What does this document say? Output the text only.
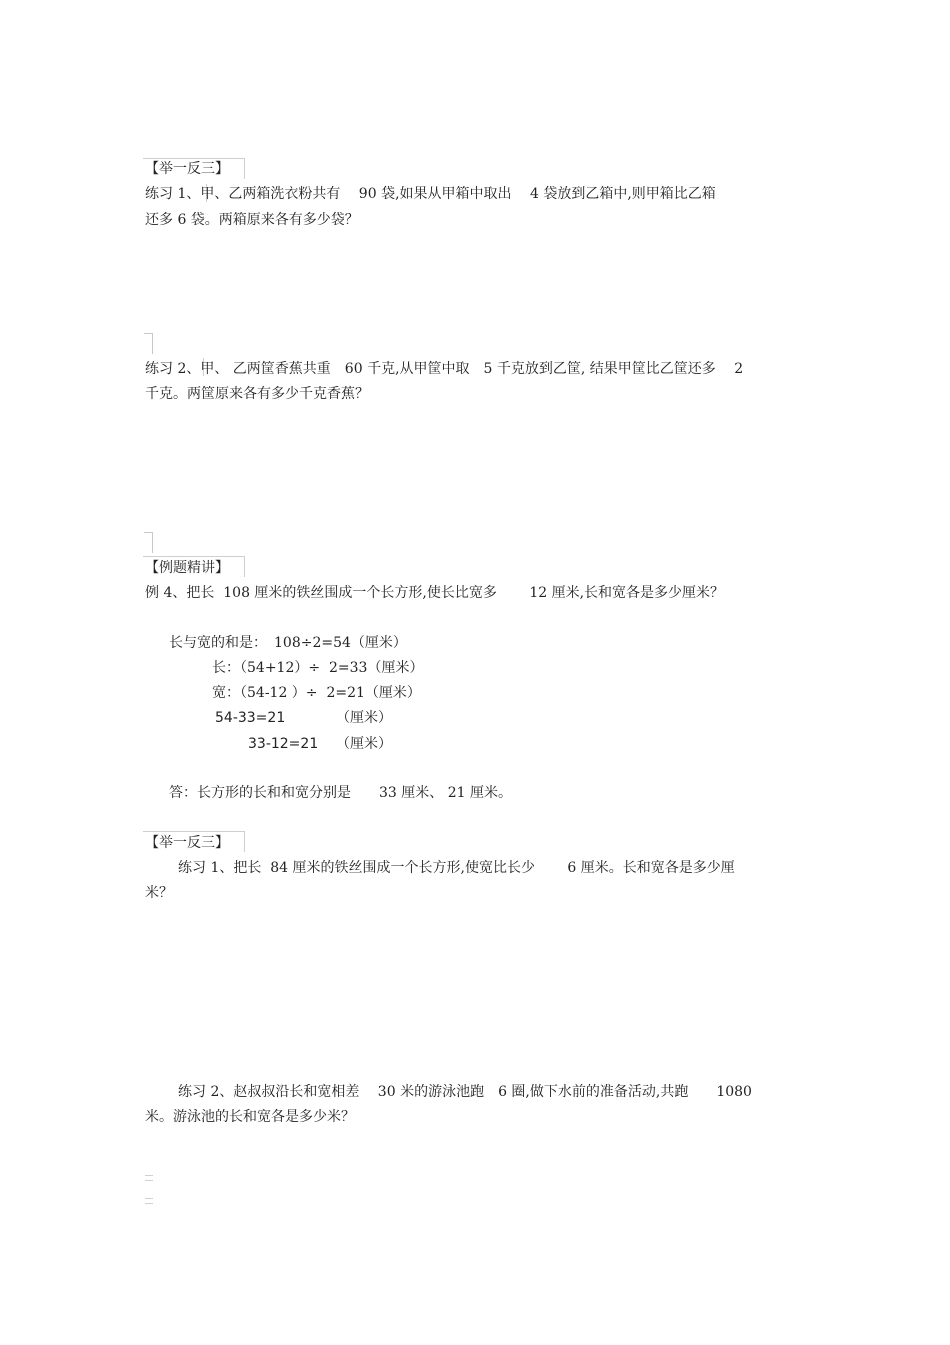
【举一反三】
练习 1、甲、乙两箱洗衣粉共有　 90 袋,如果从甲箱中取出　 4 袋放到乙箱中,则甲箱比乙箱
还多 6 袋。两箱原来各有多少袋？
练习 2、甲、 乙两筐香蕉共重　60 千克,从甲筐中取　5 千克放到乙筐, 结果甲筐比乙筐还多　 2
千克。两筐原来各有多少千克香蕉？
【例题精讲】
例 4、把长  108 厘米的铁丝围成一个长方形,使长比宽多　　 12 厘米,长和宽各是多少厘米？
长与宽的和是：　108÷2=54（厘米）
长：（54+12）÷  2=33（厘米）
宽：（54-12 ）÷  2=21（厘米）
54-33=21	（厘米）
33-12=21 （厘米）
答：长方形的长和和宽分别是　　33 厘米、 21 厘米。
【举一反三】
练习 1、把长  84 厘米的铁丝围成一个长方形,使宽比长少　　 6 厘米。长和宽各是多少厘
米？
练习 2、赵叔叔沿长和宽相差　 30 米的游泳池跑　6 圈,做下水前的准备活动,共跑　　1080
米。游泳池的长和宽各是多少米？
